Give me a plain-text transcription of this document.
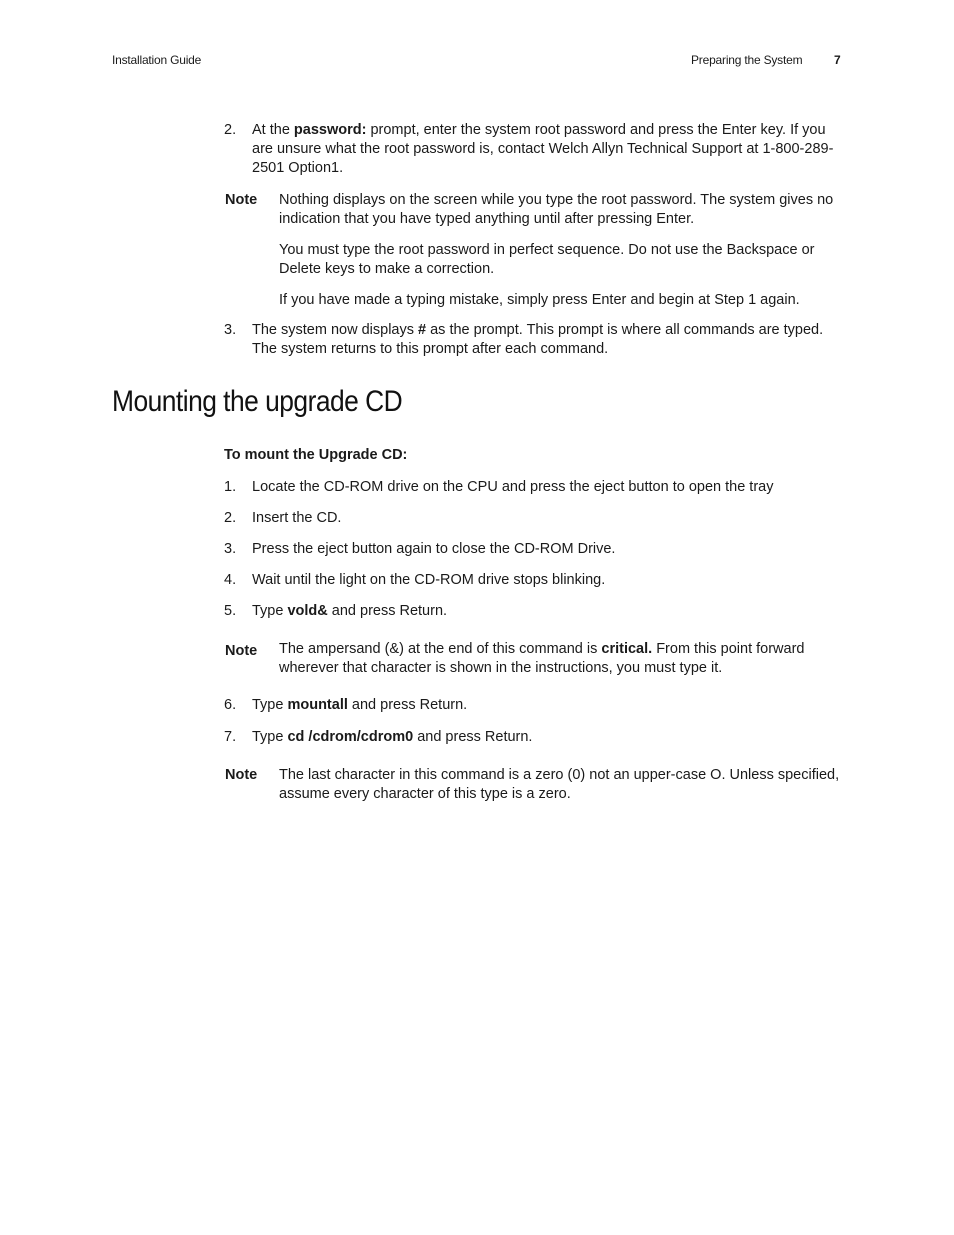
Installation Guide	Preparing the System	7
2.	At the password: prompt, enter the system root password and press the Enter key. If you are unsure what the root password is, contact Welch Allyn Technical Support at 1-800-289-2501 Option1.
Note Nothing displays on the screen while you type the root password. The system gives no indication that you have typed anything until after pressing Enter.

You must type the root password in perfect sequence. Do not use the Backspace or Delete keys to make a correction.

If you have made a typing mistake, simply press Enter and begin at Step 1 again.

3.	The system now displays # as the prompt. This prompt is where all commands are typed. The system returns to this prompt after each command.
Mounting the upgrade CD
To mount the Upgrade CD:
1.	Locate the CD-ROM drive on the CPU and press the eject button to open the tray
2.	Insert the CD.
3.	Press the eject button again to close the CD-ROM Drive.
4.	Wait until the light on the CD-ROM drive stops blinking.
5.	Type vold& and press Return.
Note The ampersand (&) at the end of this command is critical. From this point forward wherever that character is shown in the instructions, you must type it.
6.	Type mountall and press Return.
7.	Type cd /cdrom/cdrom0 and press Return.
Note The last character in this command is a zero (0) not an upper-case O. Unless specified, assume every character of this type is a zero.
